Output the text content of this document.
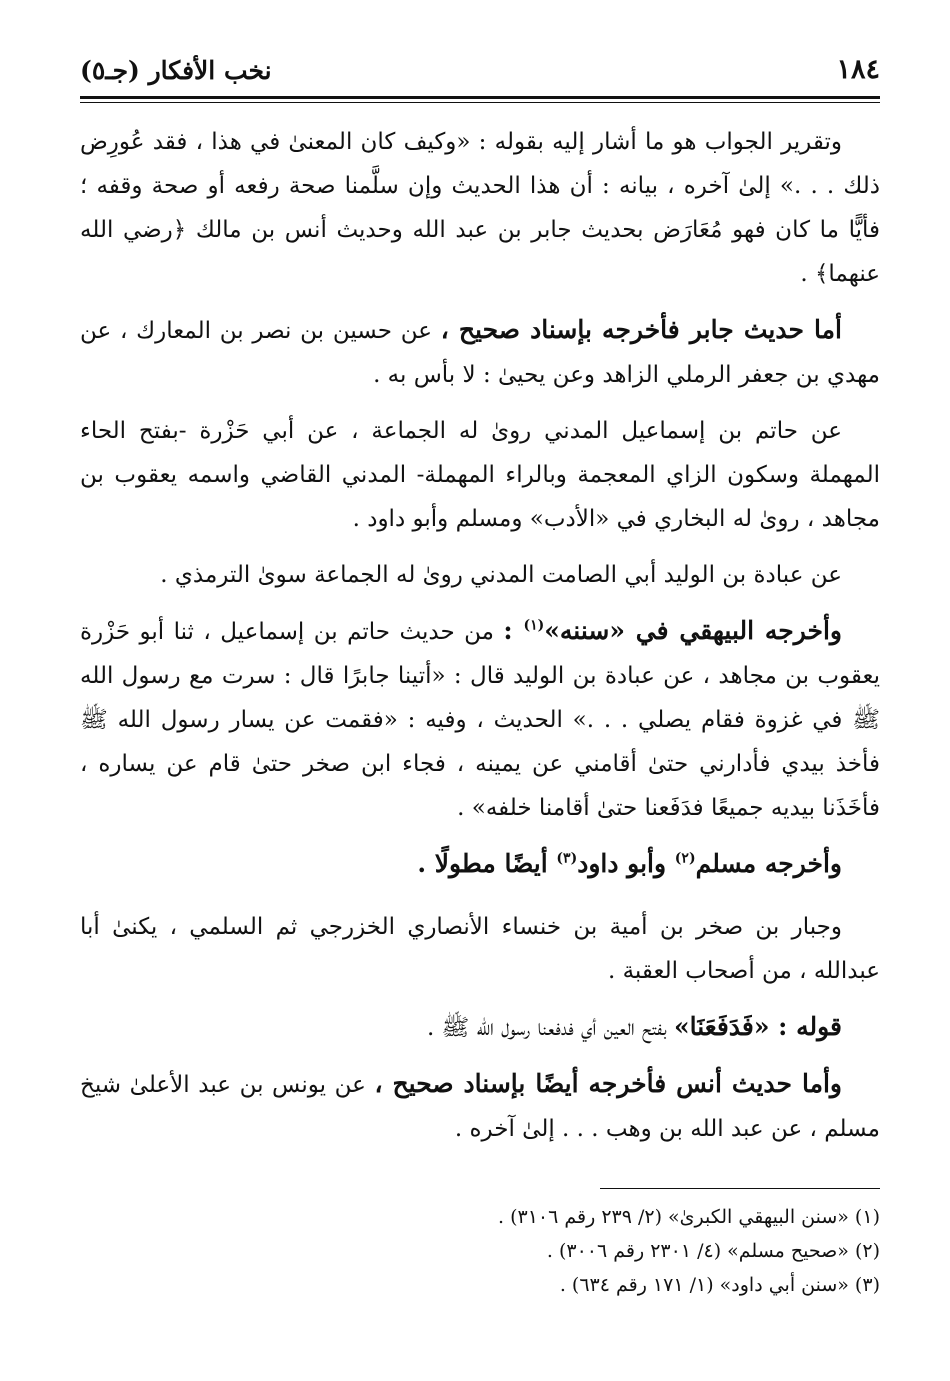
١٨٤
نخب الأفكار (جـ٥)

وتقرير الجواب هو ما أشار إليه بقوله : «وكيف كان المعنىٰ في هذا ، فقد عُورِض ذلك . . .» إلىٰ آخره ، بيانه : أن هذا الحديث وإن سلَّمنا صحة رفعه أو صحة وقفه ؛ فأيًّا ما كان فهو مُعَارَض بحديث جابر بن عبد الله وحديث أنس بن مالك ﴿رضي الله عنهما﴾ .

أما حديث جابر فأخرجه بإسناد صحيح ، عن حسين بن نصر بن المعارك ، عن مهدي بن جعفر الرملي الزاهد وعن يحيىٰ : لا بأس به .

عن حاتم بن إسماعيل المدني روىٰ له الجماعة ، عن أبي حَزْرة -بفتح الحاء المهملة وسكون الزاي المعجمة وبالراء المهملة- المدني القاضي واسمه يعقوب بن مجاهد ، روىٰ له البخاري في «الأدب» ومسلم وأبو داود .

عن عبادة بن الوليد أبي الصامت المدني روىٰ له الجماعة سوىٰ الترمذي .

وأخرجه البيهقي في «سننه»$^{(١)}$ : من حديث حاتم بن إسماعيل ، ثنا أبو حَزْرة يعقوب بن مجاهد ، عن عبادة بن الوليد قال : «أتينا جابرًا قال : سرت مع رسول الله ﷺ في غزوة فقام يصلي . . .» الحديث ، وفيه : «فقمت عن يسار رسول الله ﷺ فأخذ بيدي فأدارني حتىٰ أقامني عن يمينه ، فجاء ابن صخر حتىٰ قام عن يساره ، فأخَذَنا بيديه جميعًا فدَفَعنا حتىٰ أقامنا خلفه» .

وأخرجه مسلم$^{(٢)}$ وأبو داود$^{(٣)}$ أيضًا مطولًا .

وجبار بن صخر بن أمية بن خنساء الأنصاري الخزرجي ثم السلمي ، يكنىٰ أبا عبدالله ، من أصحاب العقبة .

قوله : «فَدَفَعَنَا» بفتح العين أي فدفعنا رسول الله ﷺ .

وأما حديث أنس فأخرجه أيضًا بإسناد صحيح ، عن يونس بن عبد الأعلىٰ شيخ مسلم ، عن عبد الله بن وهب . . . إلىٰ آخره .

(١) «سنن البيهقي الكبرىٰ» (٢/ ٢٣٩ رقم ٣١٠٦) .
(٢) «صحيح مسلم» (٤/ ٢٣٠١ رقم ٣٠٠٦) .
(٣) «سنن أبي داود» (١/ ١٧١ رقم ٦٣٤) .
